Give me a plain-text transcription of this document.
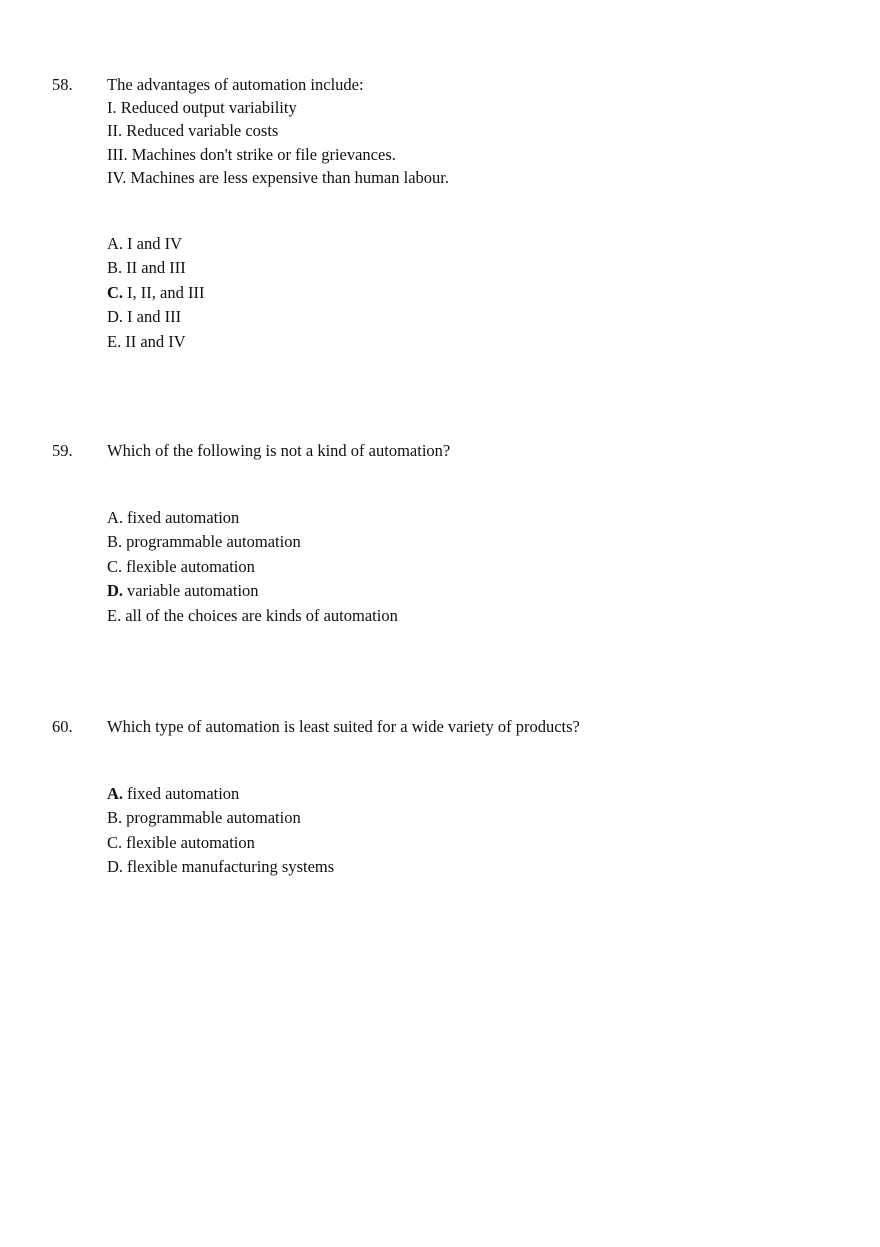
58. The advantages of automation include:
I. Reduced output variability
II. Reduced variable costs
III. Machines don't strike or file grievances.
IV. Machines are less expensive than human labour.
A. I and IV
B. II and III
C. I, II, and III
D. I and III
E. II and IV
59. Which of the following is not a kind of automation?
A. fixed automation
B. programmable automation
C. flexible automation
D. variable automation
E. all of the choices are kinds of automation
60. Which type of automation is least suited for a wide variety of products?
A. fixed automation
B. programmable automation
C. flexible automation
D. flexible manufacturing systems
